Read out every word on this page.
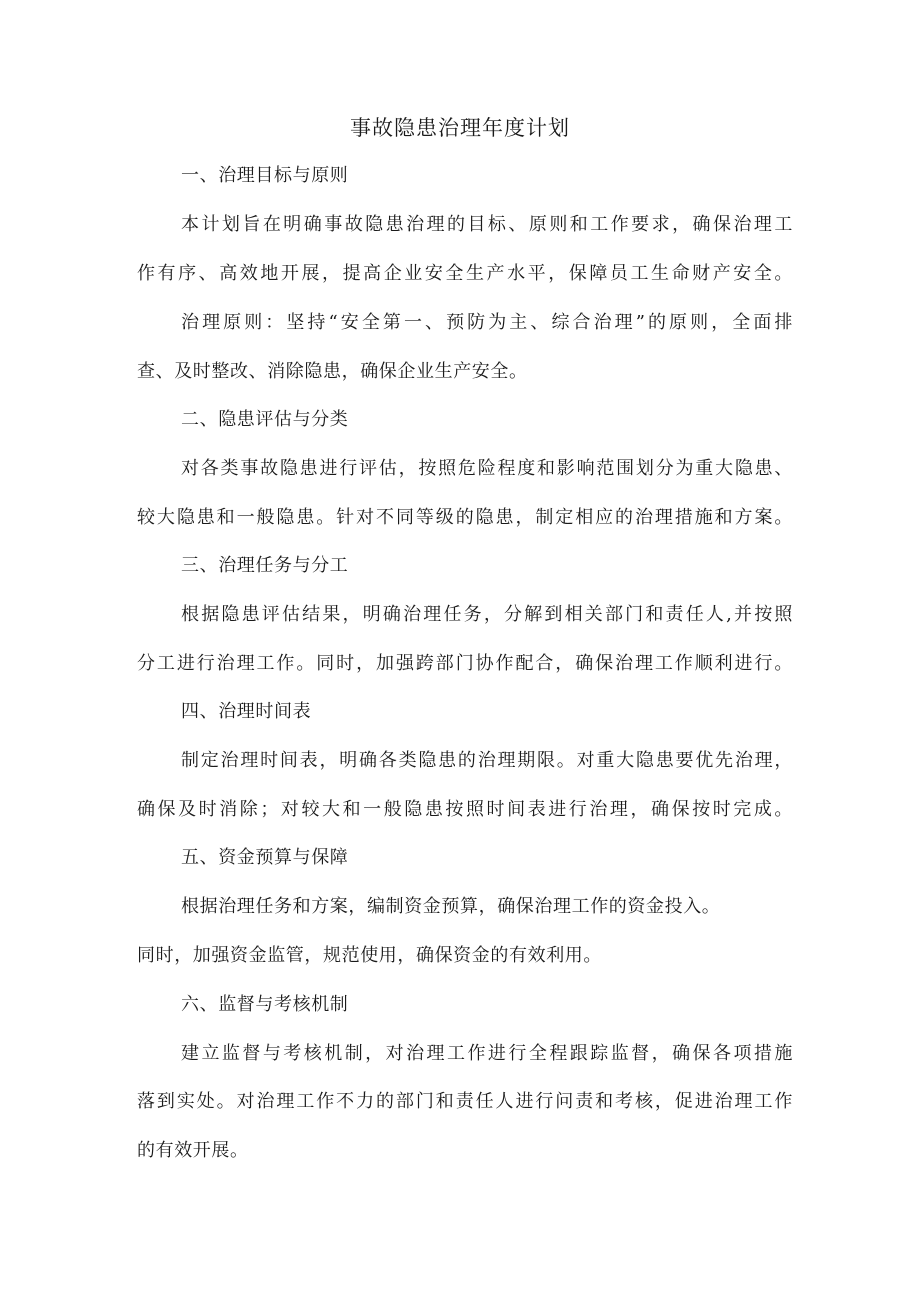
事故隐患治理年度计划

一、治理目标与原则

本计划旨在明确事故隐患治理的目标、原则和工作要求，确保治理工

作有序、高效地开展，提高企业安全生产水平，保障员工生命财产安全。

治理原则：坚持“安全第一、预防为主、综合治理”的原则，全面排

查、及时整改、消除隐患，确保企业生产安全。

二、隐患评估与分类

对各类事故隐患进行评估，按照危险程度和影响范围划分为重大隐患、

较大隐患和一般隐患。针对不同等级的隐患，制定相应的治理措施和方案。

三、治理任务与分工

根据隐患评估结果，明确治理任务，分解到相关部门和责任人,并按照

分工进行治理工作。同时，加强跨部门协作配合，确保治理工作顺利进行。

四、治理时间表

制定治理时间表，明确各类隐患的治理期限。对重大隐患要优先治理，

确保及时消除；对较大和一般隐患按照时间表进行治理，确保按时完成。

五、资金预算与保障

根据治理任务和方案，编制资金预算，确保治理工作的资金投入。

同时，加强资金监管，规范使用，确保资金的有效利用。

六、监督与考核机制

建立监督与考核机制，对治理工作进行全程跟踪监督，确保各项措施

落到实处。对治理工作不力的部门和责任人进行问责和考核，促进治理工作

的有效开展。
